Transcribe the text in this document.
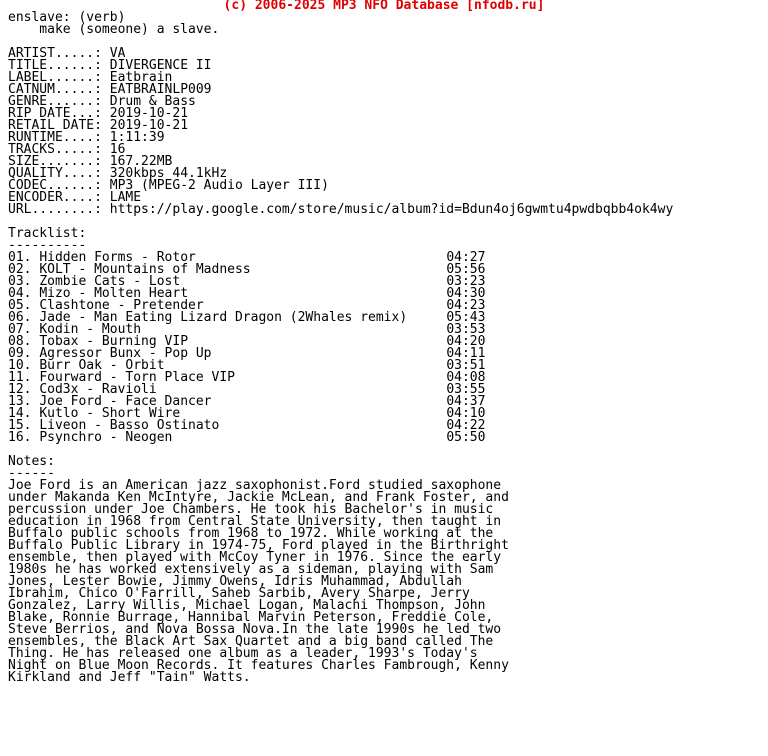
(c) 2006-2025 MP3 NFO Database [nfodb.ru]
enslave: (verb)
make (someone) a slave.

ARTIST.....: VA
TITLE......: DIVERGENCE II
LABEL......: Eatbrain
CATNUM.....: EATBRAINLP009
GENRE......: Drum & Bass
RIP DATE...: 2019-10-21
RETAIL DATE: 2019-10-21
RUNTIME....: 1:11:39
TRACKS.....: 16
SIZE.......: 167.22MB
QUALITY....: 320kbps 44.1kHz
CODEC......: MP3 (MPEG-2 Audio Layer III)
ENCODER....: LAME
URL........: https://play.google.com/store/music/album?id=Bdun4oj6gwmtu4pwdbqbb4ok4wy

Tracklist:
----------
01. Hidden Forms - Rotor	04:27
02. KOLT - Mountains of Madness	05:56
03. Zombie Cats - Lost	03:23
04. Mizo - Molten Heart	04:30
05. Clashtone - Pretender	04:23
06. Jade - Man Eating Lizard Dragon (2Whales remix)	05:43
07. Kodin - Mouth	03:53
08. Tobax - Burning VIP	04:20
09. Agressor Bunx - Pop Up	04:11
10. Burr Oak - Orbit	03:51
11. Fourward - Torn Place VIP	04:08
12. Cod3x - Ravioli	03:55
13. Joe Ford - Face Dancer	04:37
14. Kutlo - Short Wire	04:10
15. Liveon - Basso Ostinato	04:22
16. Psynchro - Neogen	05:50

Notes:
------
Joe Ford is an American jazz saxophonist.Ford studied saxophone
under Makanda Ken McIntyre, Jackie McLean, and Frank Foster, and
percussion under Joe Chambers. He took his Bachelor's in music
education in 1968 from Central State University, then taught in
Buffalo public schools from 1968 to 1972. While working at the
Buffalo Public Library in 1974-75, Ford played in the Birthright
ensemble, then played with McCoy Tyner in 1976. Since the early
1980s he has worked extensively as a sideman, playing with Sam
Jones, Lester Bowie, Jimmy Owens, Idris Muhammad, Abdullah
Ibrahim, Chico O'Farrill, Saheb Sarbib, Avery Sharpe, Jerry
Gonzalez, Larry Willis, Michael Logan, Malachi Thompson, John
Blake, Ronnie Burrage, Hannibal Marvin Peterson, Freddie Cole,
Steve Berrios, and Nova Bossa Nova.In the late 1990s he led two
ensembles, the Black Art Sax Quartet and a big band called The
Thing. He has released one album as a leader, 1993's Today's
Night on Blue Moon Records. It features Charles Fambrough, Kenny
Kirkland and Jeff "Tain" Watts.
